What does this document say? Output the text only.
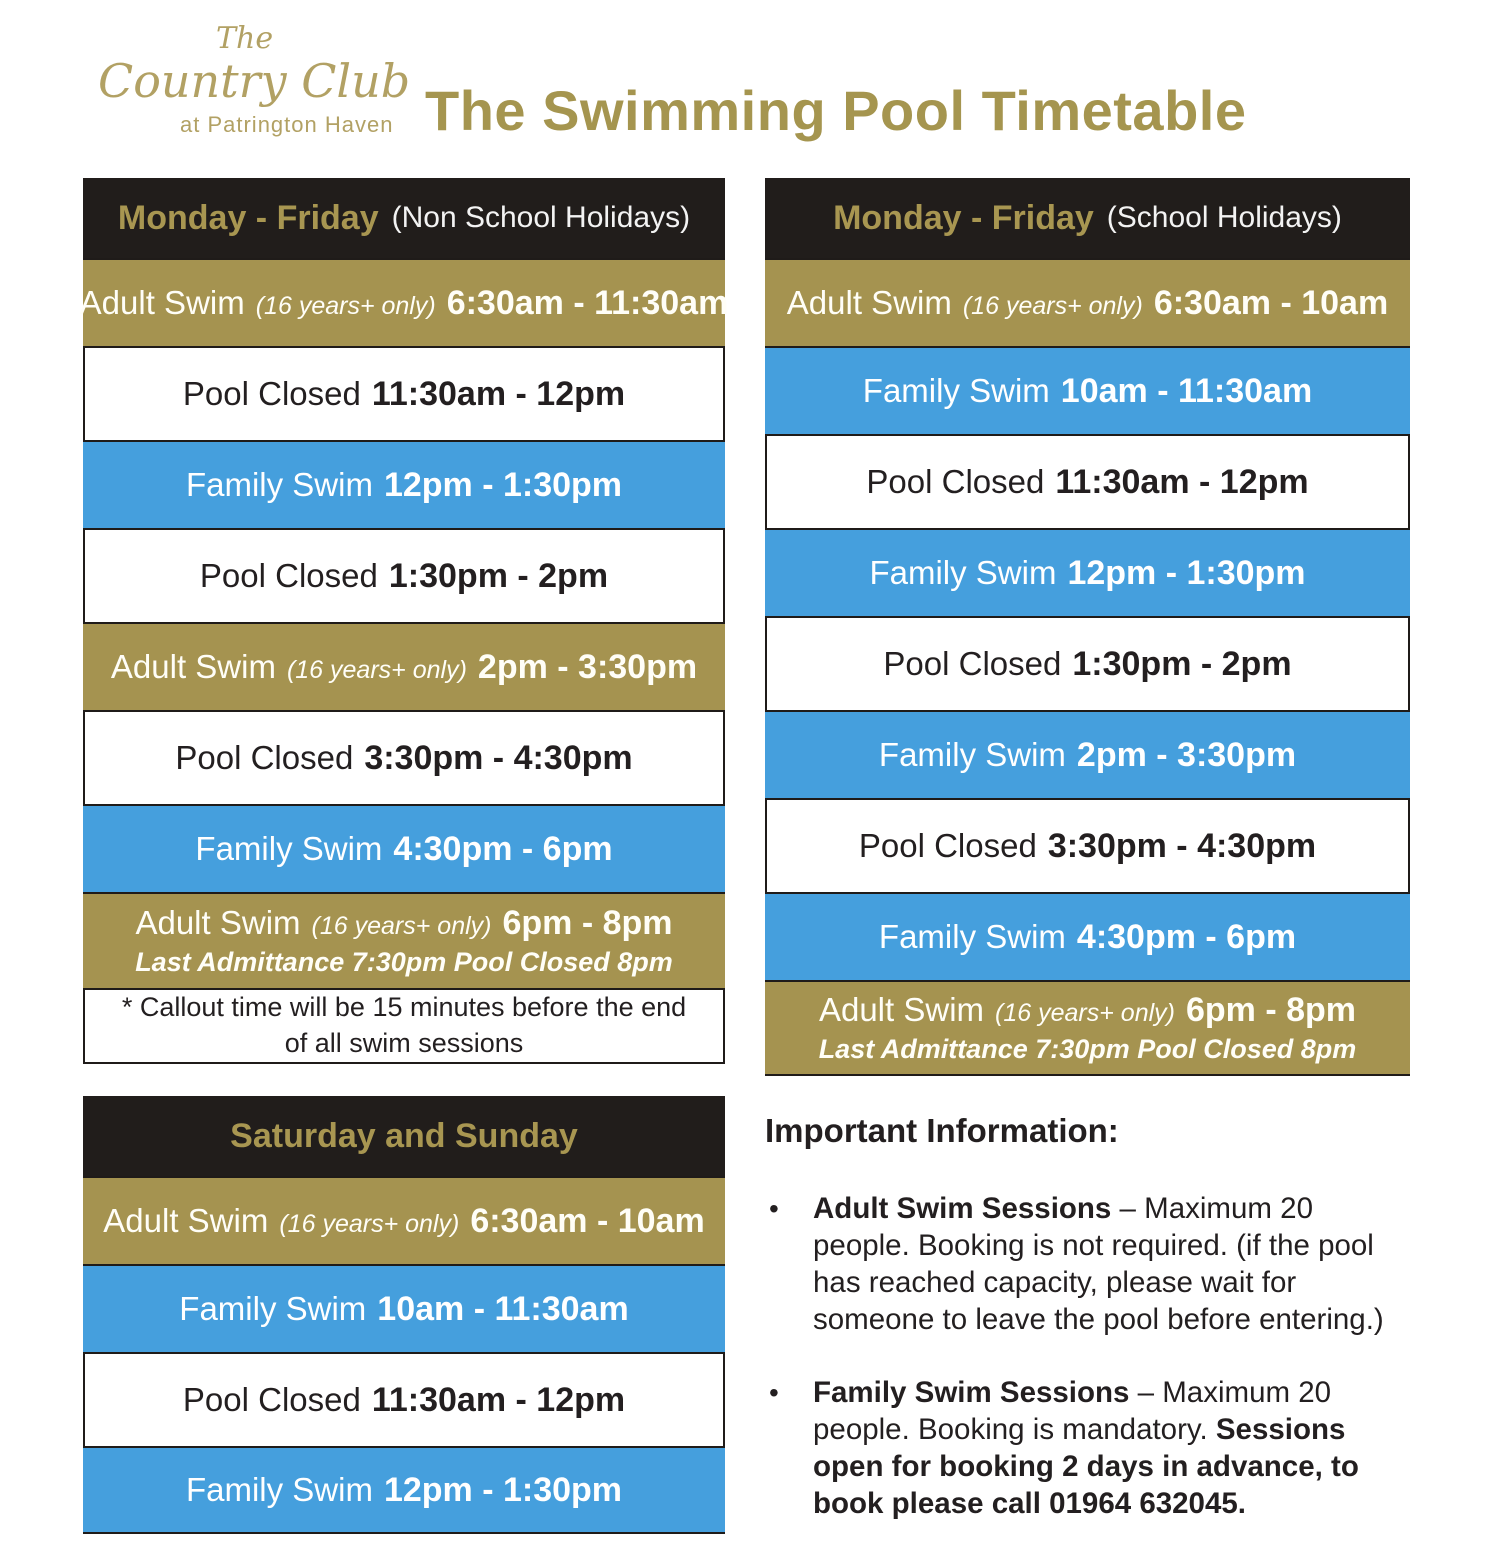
The
Country Club
at Patrington Haven The Swimming Pool Timetable
Monday - Friday (Non School Holidays)
Adult Swim (16 years+ only) 6:30am - 11:30am
Pool Closed 11:30am - 12pm
Family Swim 12pm - 1:30pm
Pool Closed 1:30pm - 2pm
Adult Swim (16 years+ only) 2pm - 3:30pm
Pool Closed 3:30pm - 4:30pm
Family Swim 4:30pm - 6pm
Adult Swim (16 years+ only) 6pm - 8pm
Last Admittance 7:30pm Pool Closed 8pm
* Callout time will be 15 minutes before the end
of all swim sessions
Monday - Friday (School Holidays)
Adult Swim (16 years+ only) 6:30am - 10am
Family Swim 10am - 11:30am
Pool Closed 11:30am - 12pm
Family Swim 12pm - 1:30pm
Pool Closed 1:30pm - 2pm
Family Swim 2pm - 3:30pm
Pool Closed 3:30pm - 4:30pm
Family Swim 4:30pm - 6pm
Adult Swim (16 years+ only) 6pm - 8pm
Last Admittance 7:30pm Pool Closed 8pm
Saturday and Sunday
Adult Swim (16 years+ only) 6:30am - 10am
Family Swim 10am - 11:30am
Pool Closed 11:30am - 12pm
Family Swim 12pm - 1:30pm
Important Information:
•	Adult Swim Sessions – Maximum 20 people. Booking is not required. (if the pool has reached capacity, please wait for someone to leave the pool before entering.)
•	Family Swim Sessions – Maximum 20 people. Booking is mandatory. Sessions open for booking 2 days in advance, to book please call 01964 632045.
